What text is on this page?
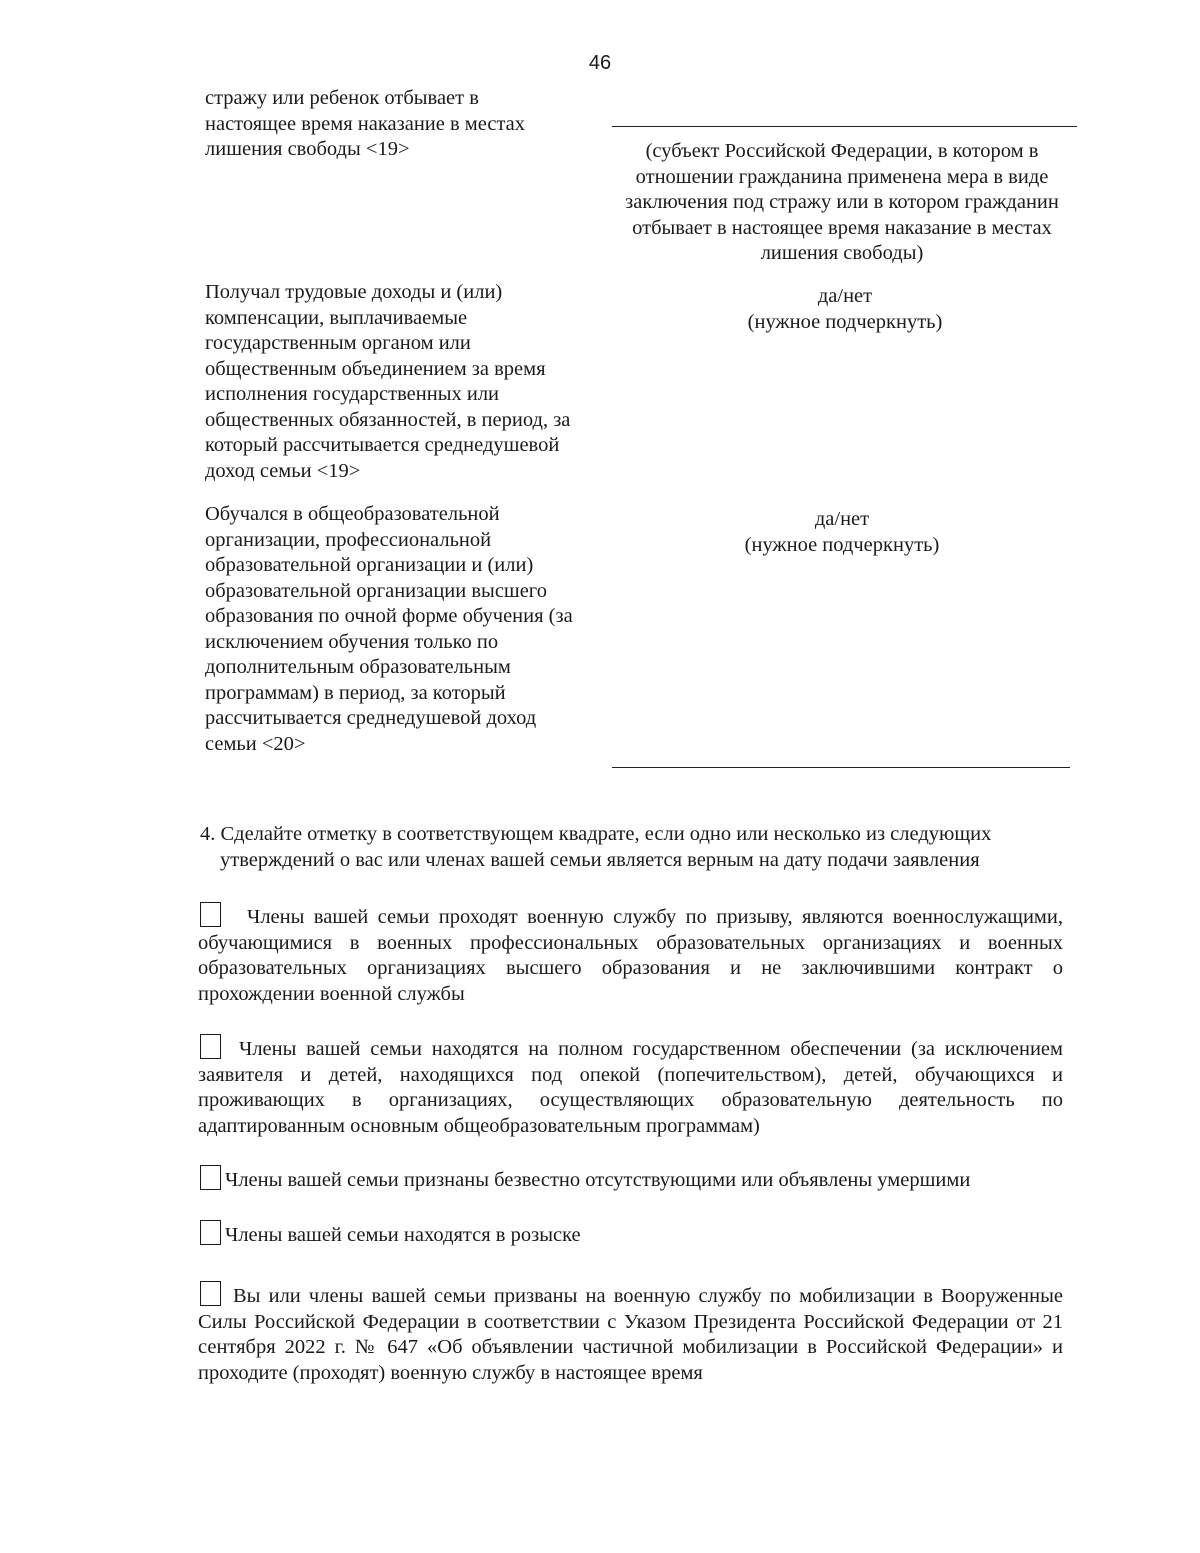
46
стражу или ребенок отбывает в настоящее время наказание в местах лишения свободы <19>	(субъект Российской Федерации, в котором в отношении гражданина применена мера в виде заключения под стражу или в котором гражданин отбывает в настоящее время наказание в местах лишения свободы)
Получал трудовые доходы и (или) компенсации, выплачиваемые государственным органом или общественным объединением за время исполнения государственных или общественных обязанностей, в период, за который рассчитывается среднедушевой доход семьи <19>
да/нет
(нужное подчеркнуть)
Обучался в общеобразовательной организации, профессиональной образовательной организации и (или) образовательной организации высшего образования по очной форме обучения (за исключением обучения только по дополнительным образовательным программам) в период, за который рассчитывается среднедушевой доход семьи <20>
да/нет
(нужное подчеркнуть)
4. Сделайте отметку в соответствующем квадрате, если одно или несколько из следующих
утверждений о вас или членах вашей семьи является верным на дату подачи заявления
Члены вашей семьи проходят военную службу по призыву, являются военнослужащими, обучающимися в военных профессиональных образовательных организациях и военных образовательных организациях высшего образования и не заключившими контракт о прохождении военной службы
Члены вашей семьи находятся на полном государственном обеспечении (за исключением заявителя и детей, находящихся под опекой (попечительством), детей, обучающихся и проживающих в организациях, осуществляющих образовательную деятельность по адаптированным основным общеобразовательным программам)
Члены вашей семьи признаны безвестно отсутствующими или объявлены умершими
Члены вашей семьи находятся в розыске
Вы или члены вашей семьи призваны на военную службу по мобилизации в Вооруженные Силы Российской Федерации в соответствии с Указом Президента Российской Федерации от 21 сентября 2022 г. № 647 «Об объявлении частичной мобилизации в Российской Федерации» и проходите (проходят) военную службу в настоящее время
